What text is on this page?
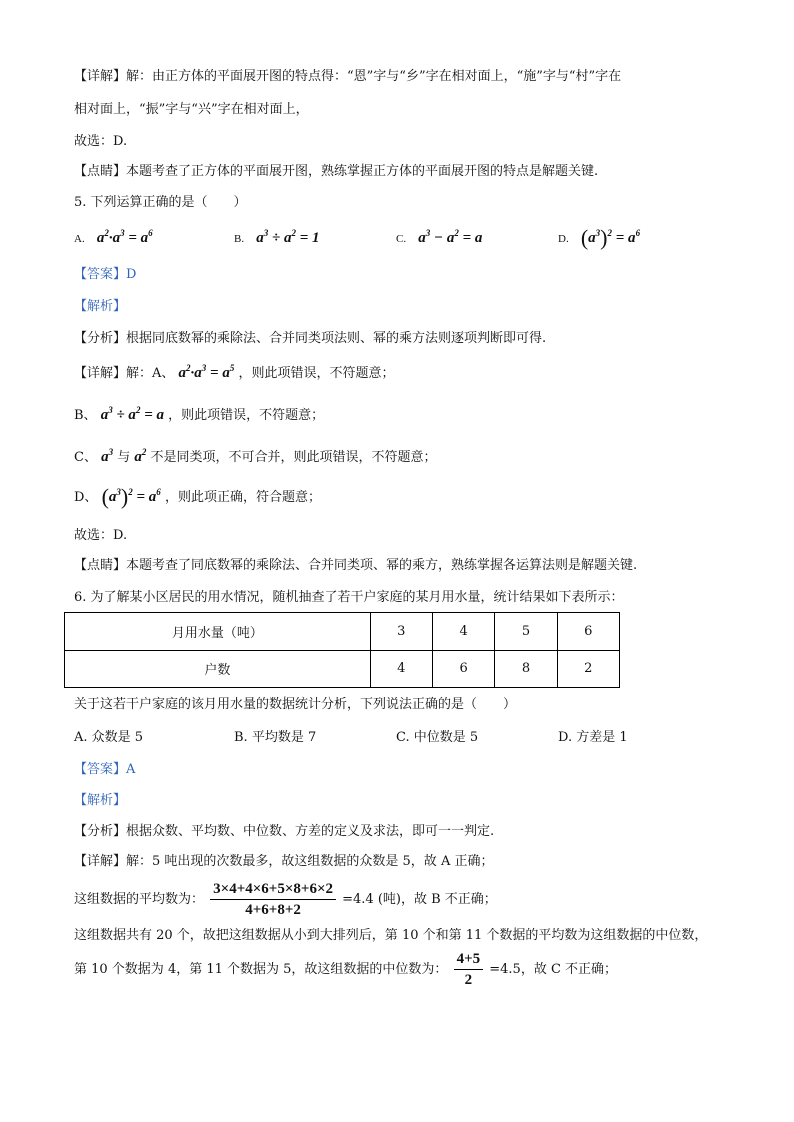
【详解】解：由正方体的平面展开图的特点得：“恩”字与“乡”字在相对面上，“施”字与“村”字在
相对面上，“振”字与“兴”字在相对面上，
故选：D.
【点睛】本题考查了正方体的平面展开图，熟练掌握正方体的平面展开图的特点是解题关键.
5. 下列运算正确的是（　　）
A. $a^2\cdot a^3 = a^6$	B. $a^3 \div a^2 = 1$	C. $a^3 - a^2 = a$	D. $(a^3)^2 = a^6$
【答案】D
【解析】
【分析】根据同底数幂的乘除法、合并同类项法则、幂的乘方法则逐项判断即可得.
【详解】解：A、 $a^2\cdot a^3 = a^5$ ，则此项错误，不符题意；
B、 $a^3 \div a^2 = a$ ，则此项错误，不符题意；
C、 $a^3$ 与 $a^2$ 不是同类项，不可合并，则此项错误，不符题意；
D、 $(a^3)^2 = a^6$ ，则此项正确，符合题意；
故选：D.
【点睛】本题考查了同底数幂的乘除法、合并同类项、幂的乘方，熟练掌握各运算法则是解题关键.
6. 为了解某小区居民的用水情况，随机抽查了若干户家庭的某月用水量，统计结果如下表所示：
月用水量（吨）	3	4	5	6
户数	4	6	8	2
关于这若干户家庭的该月用水量的数据统计分析，下列说法正确的是（　　）
A. 众数是 5	B. 平均数是 7	C. 中位数是 5	D. 方差是 1
【答案】A
【解析】
【分析】根据众数、平均数、中位数、方差的定义及求法，即可一一判定.
【详解】解：5 吨出现的次数最多，故这组数据的众数是 5，故 A 正确；
这组数据的平均数为： $\frac{3\times 4+4\times 6+5\times 8+6\times 2}{4+6+8+2} =4.4$ (吨)，故 B 不正确；
这组数据共有 20 个，故把这组数据从小到大排列后，第 10 个和第 11 个数据的平均数为这组数据的中位数，
第 10 个数据为 4，第 11 个数据为 5，故这组数据的中位数为： $\frac{4+5}{2} =4.5$，故 C 不正确；
